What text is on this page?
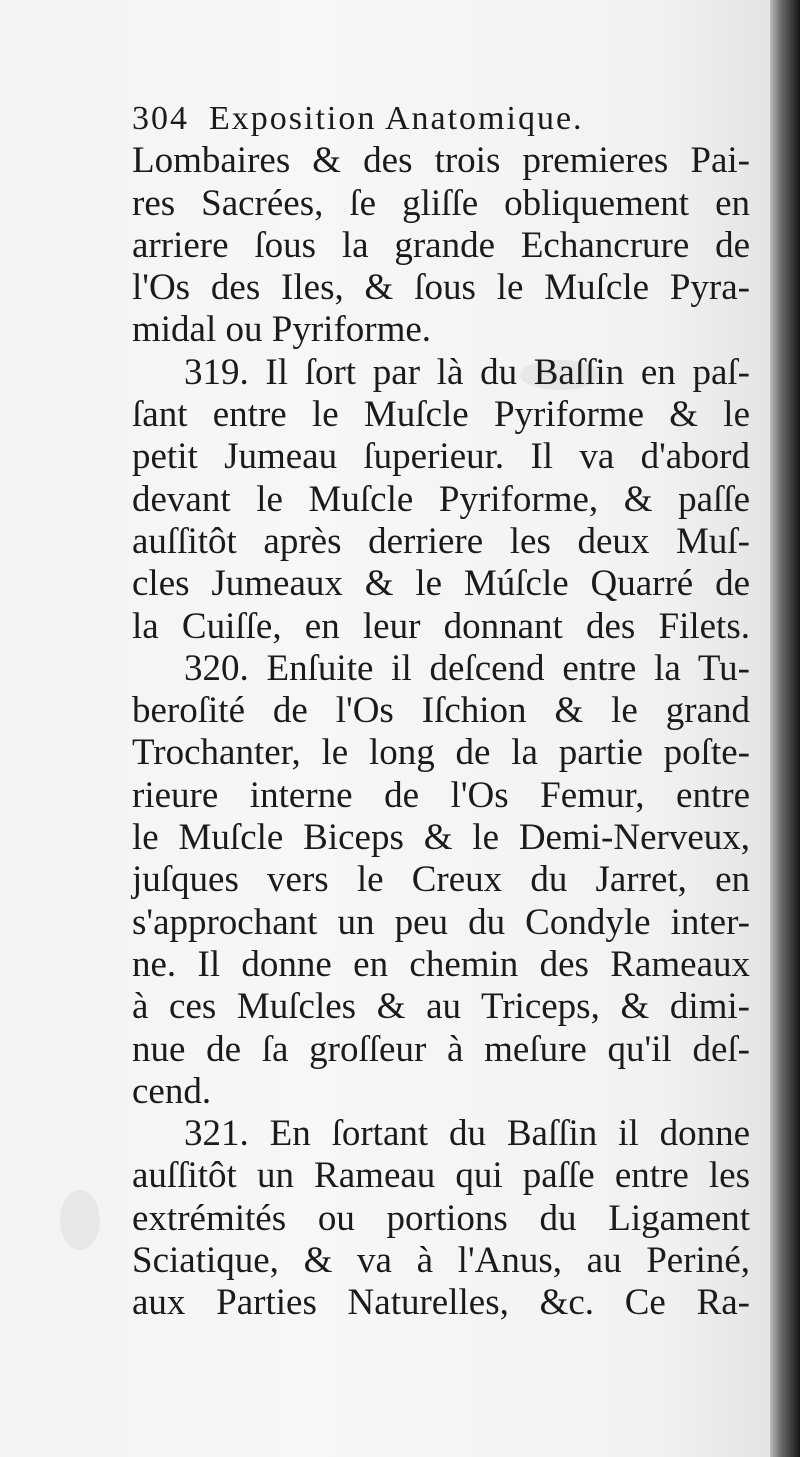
304 Exposition Anatomique.
Lombaires & des trois premieres Pai-
res Sacrées, ſe gliſſe obliquement en
arriere ſous la grande Echancrure de
l'Os des Iles, & ſous le Muſcle Pyra-
midal ou Pyriforme.
319. Il ſort par là du Baſſin en paſ-
ſant entre le Muſcle Pyriforme & le
petit Jumeau ſuperieur. Il va d'abord
devant le Muſcle Pyriforme, & paſſe
auſſitôt après derriere les deux Muſ-
cles Jumeaux & le Múſcle Quarré de
la Cuiſſe, en leur donnant des Filets.
320. Enſuite il deſcend entre la Tu-
beroſité de l'Os Iſchion & le grand
Trochanter, le long de la partie poſte-
rieure interne de l'Os Femur, entre
le Muſcle Biceps & le Demi-Nerveux,
juſques vers le Creux du Jarret, en
s'approchant un peu du Condyle inter-
ne. Il donne en chemin des Rameaux
à ces Muſcles & au Triceps, & dimi-
nue de ſa groſſeur à meſure qu'il deſ-
cend.
321. En ſortant du Baſſin il donne
auſſitôt un Rameau qui paſſe entre les
extrémités ou portions du Ligament
Sciatique, & va à l'Anus, au Periné,
aux Parties Naturelles, &c. Ce Ra-
